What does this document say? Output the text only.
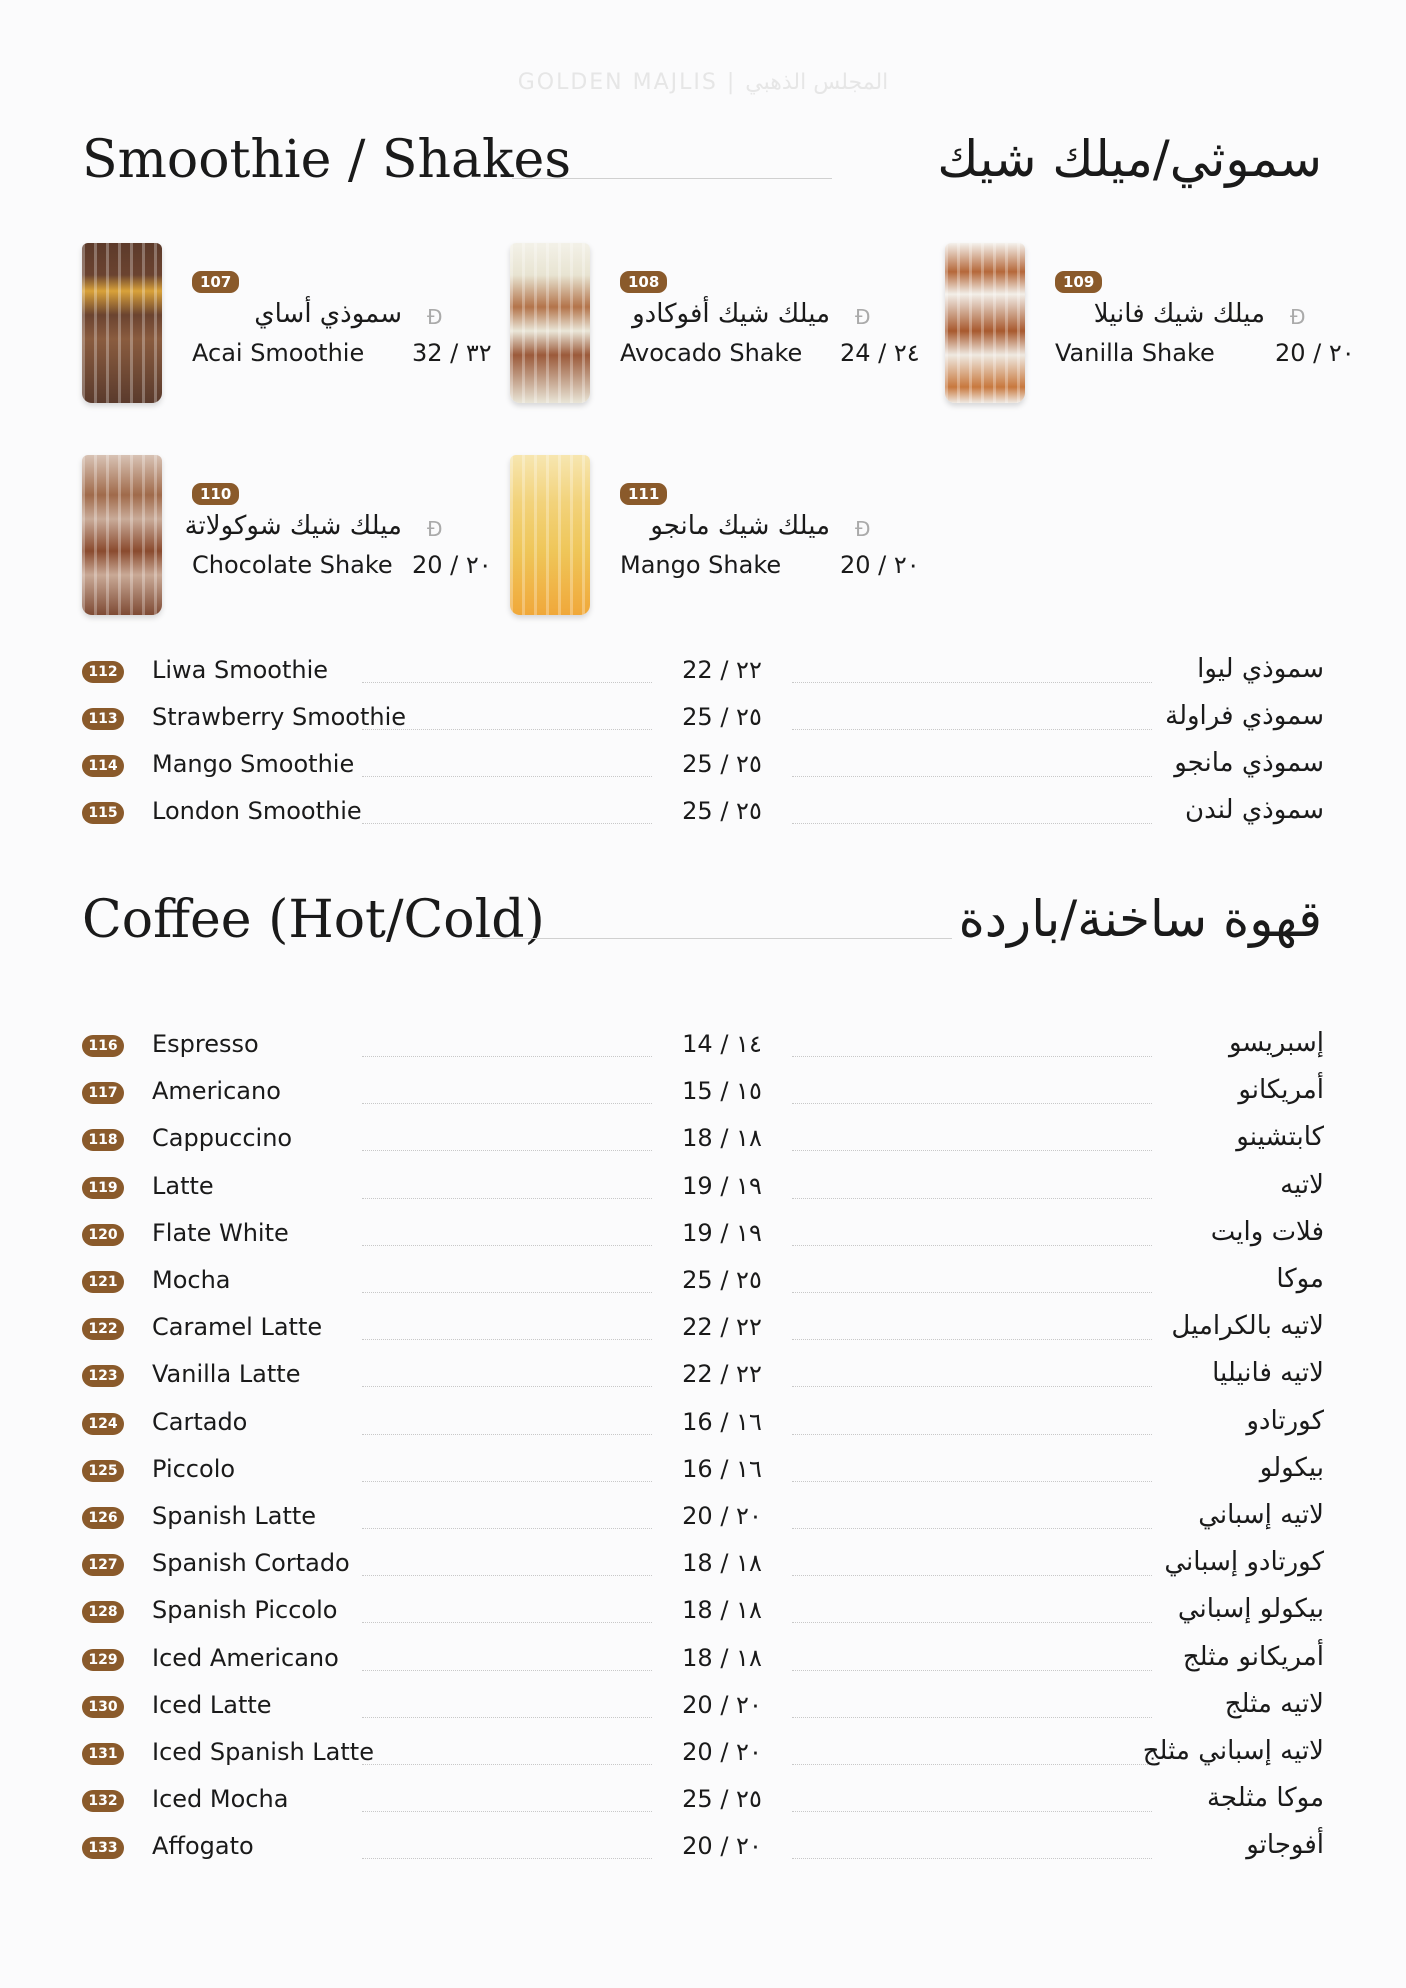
GOLDEN MAJLIS | المجلس الذهبي
Smoothie / Shakes	سموثي/ميلك شيك
107
سموذي أساي Đ
Acai Smoothie 32 / ٣٢
108
ميلك شيك أفوكادو Đ
Avocado Shake 24 / ٢٤
109
ميلك شيك فانيلا Đ
Vanilla Shake	20 / ٢٠
110
ميلك شيك شوكولاتة Đ
Chocolate Shake 20 / ٢٠
111
ميلك شيك مانجو Đ
Mango Shake 20 / ٢٠
112 Liwa Smoothie	22 / ٢٢	سموذي ليوا
113 Strawberry Smoothie	25 / ٢٥	سموذي فراولة
114 Mango Smoothie	25 / ٢٥	سموذي مانجو
115 London Smoothie	25 / ٢٥	سموذي لندن
Coffee (Hot/Cold)	قهوة ساخنة/باردة
116 Espresso	14 / ١٤	إسبريسو
117 Americano	15 / ١٥	أمريكانو
118 Cappuccino	18 / ١٨	كابتشينو
119 Latte	19 / ١٩	لاتيه
120 Flate White	19 / ١٩	فلات وايت
121 Mocha	25 / ٢٥	موكا
122 Caramel Latte	22 / ٢٢	لاتيه بالكراميل
123 Vanilla Latte	22 / ٢٢	لاتيه فانيليا
124 Cartado	16 / ١٦	كورتادو
125 Piccolo	16 / ١٦	بيكولو
126 Spanish Latte	20 / ٢٠	لاتيه إسباني
127 Spanish Cortado	18 / ١٨	كورتادو إسباني
128 Spanish Piccolo	18 / ١٨	بيكولو إسباني
129 Iced Americano	18 / ١٨	أمريكانو مثلج
130 Iced Latte	20 / ٢٠	لاتيه مثلج
131 Iced Spanish Latte	20 / ٢٠	لاتيه إسباني مثلج
132 Iced Mocha	25 / ٢٥	موكا مثلجة
133 Affogato	20 / ٢٠	أفوجاتو
